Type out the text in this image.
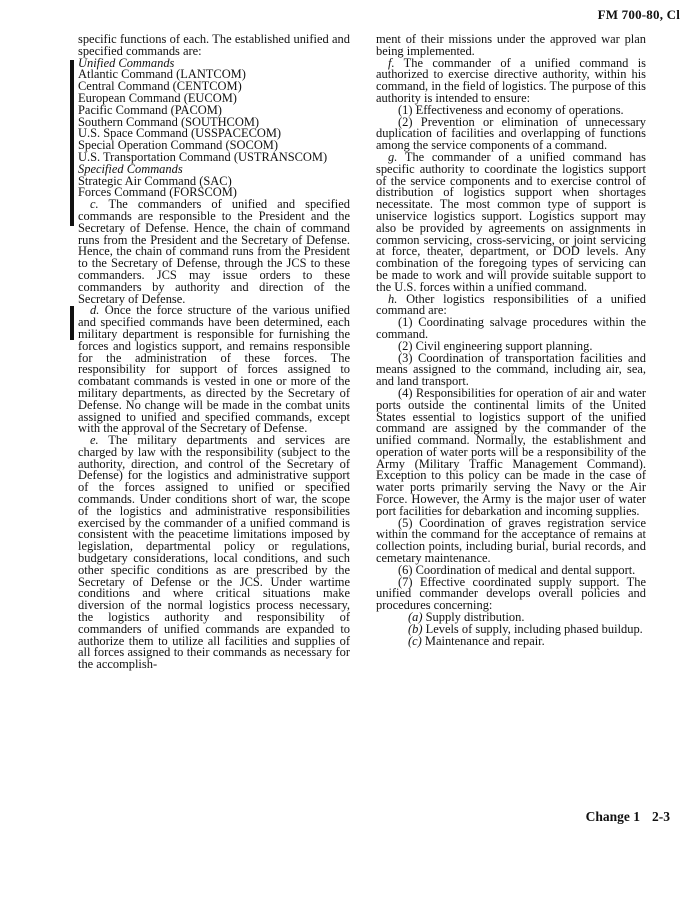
FM 700-80, Cl

specific functions of each. The established unified and specified commands are:

Unified Commands

Atlantic Command (LANTCOM)

Central Command (CENTCOM)

European Command (EUCOM)

Pacific Command (PACOM)

Southern Command (SOUTHCOM)

U.S. Space Command (USSPACECOM)

Special Operation Command (SOCOM)

U.S. Transportation Command (USTRANSCOM)

Specified Commands

Strategic Air Command (SAC)

Forces Command (FORSCOM)

c. The commanders of unified and specified commands are responsible to the President and the Secretary of Defense. Hence, the chain of command runs from the President and the Secretary of Defense. Hence, the chain of command runs from the President to the Secretary of Defense, through the JCS to these commanders. JCS may issue orders to these commanders by authority and direction of the Secretary of Defense.

d. Once the force structure of the various unified and specified commands have been determined, each military department is responsible for furnishing the forces and logistics support, and remains responsible for the administration of these forces. The responsibility for support of forces assigned to combatant commands is vested in one or more of the military departments, as directed by the Secretary of Defense. No change will be made in the combat units assigned to unified and specified commands, except with the approval of the Secretary of Defense.

e. The military departments and services are charged by law with the responsibility (subject to the authority, direction, and control of the Secretary of Defense) for the logistics and administrative support of the forces assigned to unified or specified commands. Under conditions short of war, the scope of the logistics and administrative responsibilities exercised by the commander of a unified command is consistent with the peacetime limitations imposed by legislation, departmental policy or regulations, budgetary considerations, local conditions, and such other specific conditions as are prescribed by the Secretary of Defense or the JCS. Under wartime conditions and where critical situations make diversion of the normal logistics process necessary, the logistics authority and responsibility of commanders of unified commands are expanded to authorize them to utilize all facilities and supplies of all forces assigned to their commands as necessary for the accomplish-

ment of their missions under the approved war plan being implemented.

f. The commander of a unified command is authorized to exercise directive authority, within his command, in the field of logistics. The purpose of this authority is intended to ensure:

(1) Effectiveness and economy of operations.

(2) Prevention or elimination of unnecessary duplication of facilities and overlapping of functions among the service components of a command.

g. The commander of a unified command has specific authority to coordinate the logistics support of the service components and to exercise control of distribution of logistics support when shortages necessitate. The most common type of support is uniservice logistics support. Logistics support may also be provided by agreements on assignments in common servicing, cross-servicing, or joint servicing at force, theater, department, or DOD levels. Any combination of the foregoing types of servicing can be made to work and will provide suitable support to the U.S. forces within a unified command.

h. Other logistics responsibilities of a unified command are:

(1) Coordinating salvage procedures within the command.

(2) Civil engineering support planning.

(3) Coordination of transportation facilities and means assigned to the command, including air, sea, and land transport.

(4) Responsibilities for operation of air and water ports outside the continental limits of the United States essential to logistics support of the unified command are assigned by the commander of the unified command. Normally, the establishment and operation of water ports will be a responsibility of the Army (Military Traffic Management Command). Exception to this policy can be made in the case of water ports primarily serving the Navy or the Air Force. However, the Army is the major user of water port facilities for debarkation and incoming supplies.

(5) Coordination of graves registration service within the command for the acceptance of remains at collection points, including burial, burial records, and cemetary maintenance.

(6) Coordination of medical and dental support.

(7) Effective coordinated supply support. The unified commander develops overall policies and procedures concerning:

(a) Supply distribution.

(b) Levels of supply, including phased buildup.

(c) Maintenance and repair.

Change 1 2-3
